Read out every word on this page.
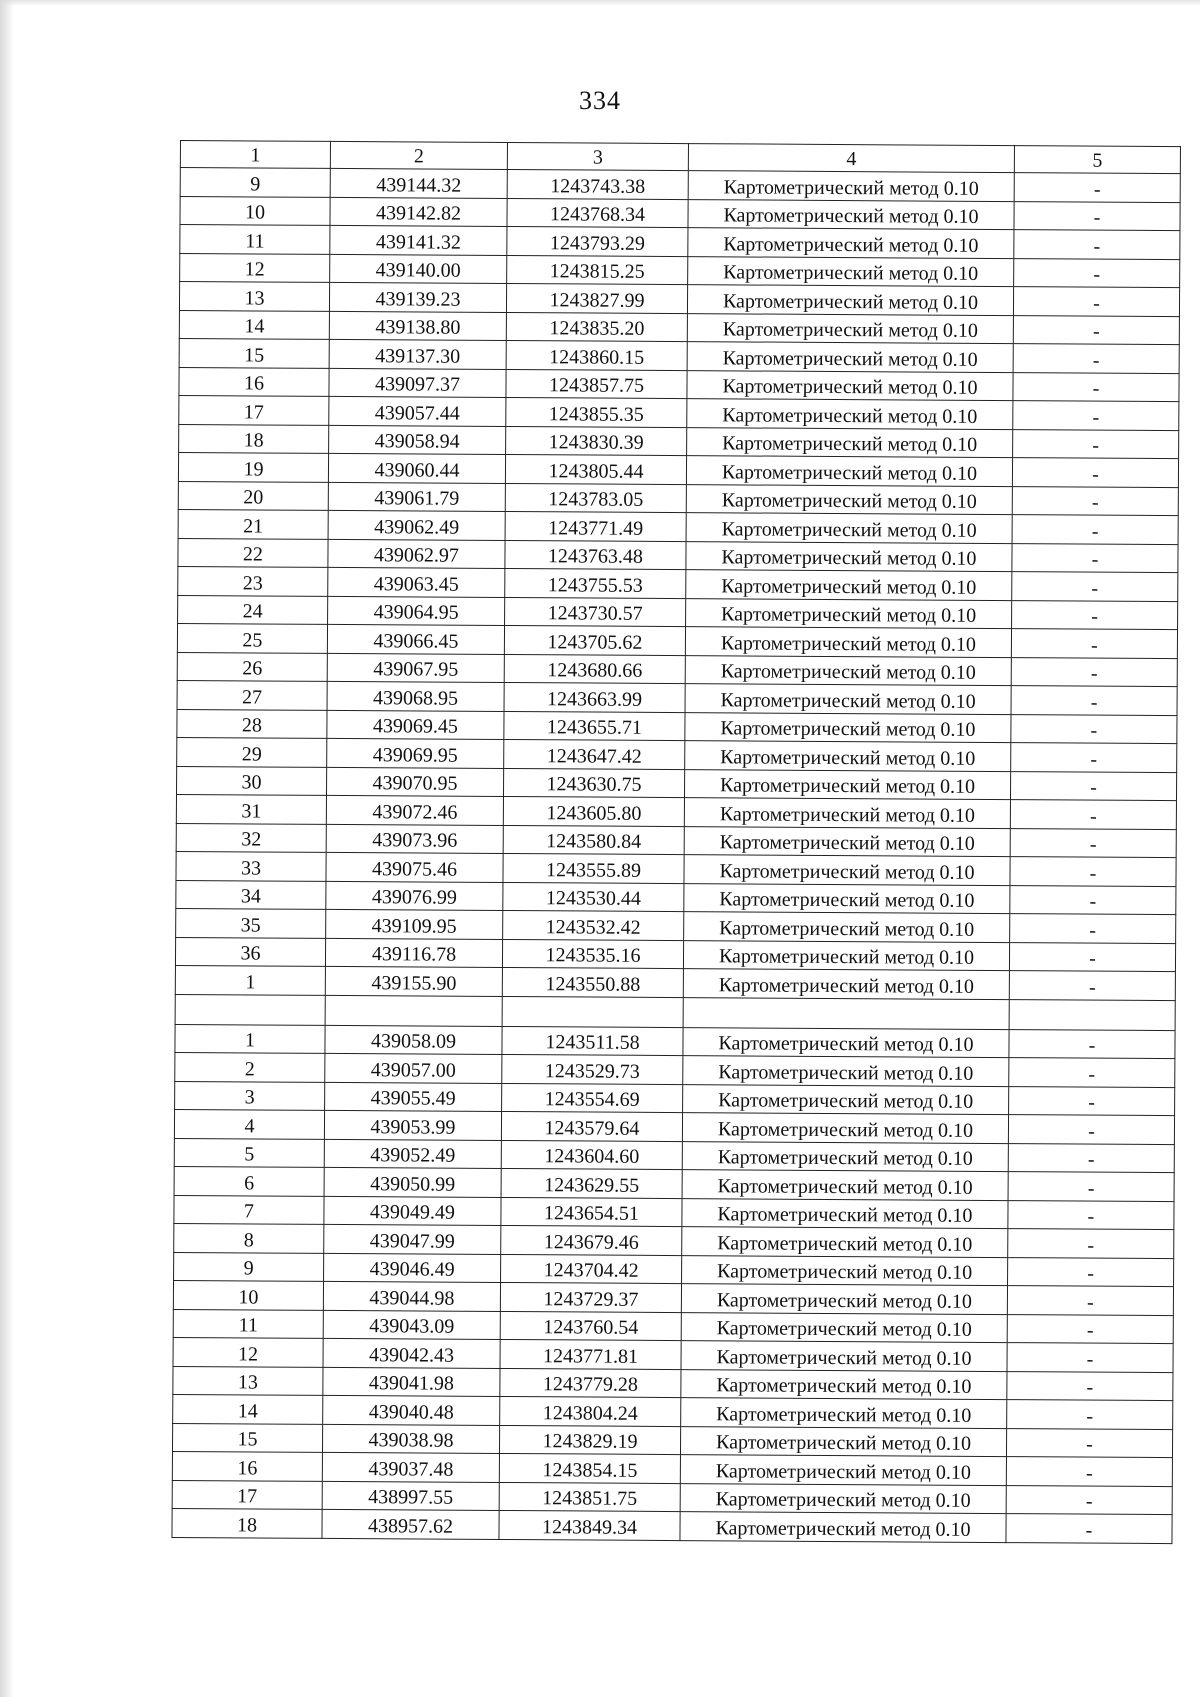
334
1	2	3	4	5
9	439144.32	1243743.38	Картометрический метод 0.10	-
10	439142.82	1243768.34	Картометрический метод 0.10	-
11	439141.32	1243793.29	Картометрический метод 0.10	-
12	439140.00	1243815.25	Картометрический метод 0.10	-
13	439139.23	1243827.99	Картометрический метод 0.10	-
14	439138.80	1243835.20	Картометрический метод 0.10	-
15	439137.30	1243860.15	Картометрический метод 0.10	-
16	439097.37	1243857.75	Картометрический метод 0.10	-
17	439057.44	1243855.35	Картометрический метод 0.10	-
18	439058.94	1243830.39	Картометрический метод 0.10	-
19	439060.44	1243805.44	Картометрический метод 0.10	-
20	439061.79	1243783.05	Картометрический метод 0.10	-
21	439062.49	1243771.49	Картометрический метод 0.10	-
22	439062.97	1243763.48	Картометрический метод 0.10	-
23	439063.45	1243755.53	Картометрический метод 0.10	-
24	439064.95	1243730.57	Картометрический метод 0.10	-
25	439066.45	1243705.62	Картометрический метод 0.10	-
26	439067.95	1243680.66	Картометрический метод 0.10	-
27	439068.95	1243663.99	Картометрический метод 0.10	-
28	439069.45	1243655.71	Картометрический метод 0.10	-
29	439069.95	1243647.42	Картометрический метод 0.10	-
30	439070.95	1243630.75	Картометрический метод 0.10	-
31	439072.46	1243605.80	Картометрический метод 0.10	-
32	439073.96	1243580.84	Картометрический метод 0.10	-
33	439075.46	1243555.89	Картометрический метод 0.10	-
34	439076.99	1243530.44	Картометрический метод 0.10	-
35	439109.95	1243532.42	Картометрический метод 0.10	-
36	439116.78	1243535.16	Картометрический метод 0.10	-
1	439155.90	1243550.88	Картометрический метод 0.10	-

1	439058.09	1243511.58	Картометрический метод 0.10	-
2	439057.00	1243529.73	Картометрический метод 0.10	-
3	439055.49	1243554.69	Картометрический метод 0.10	-
4	439053.99	1243579.64	Картометрический метод 0.10	-
5	439052.49	1243604.60	Картометрический метод 0.10	-
6	439050.99	1243629.55	Картометрический метод 0.10	-
7	439049.49	1243654.51	Картометрический метод 0.10	-
8	439047.99	1243679.46	Картометрический метод 0.10	-
9	439046.49	1243704.42	Картометрический метод 0.10	-
10	439044.98	1243729.37	Картометрический метод 0.10	-
11	439043.09	1243760.54	Картометрический метод 0.10	-
12	439042.43	1243771.81	Картометрический метод 0.10	-
13	439041.98	1243779.28	Картометрический метод 0.10	-
14	439040.48	1243804.24	Картометрический метод 0.10	-
15	439038.98	1243829.19	Картометрический метод 0.10	-
16	439037.48	1243854.15	Картометрический метод 0.10	-
17	438997.55	1243851.75	Картометрический метод 0.10	-
18	438957.62	1243849.34	Картометрический метод 0.10	-
